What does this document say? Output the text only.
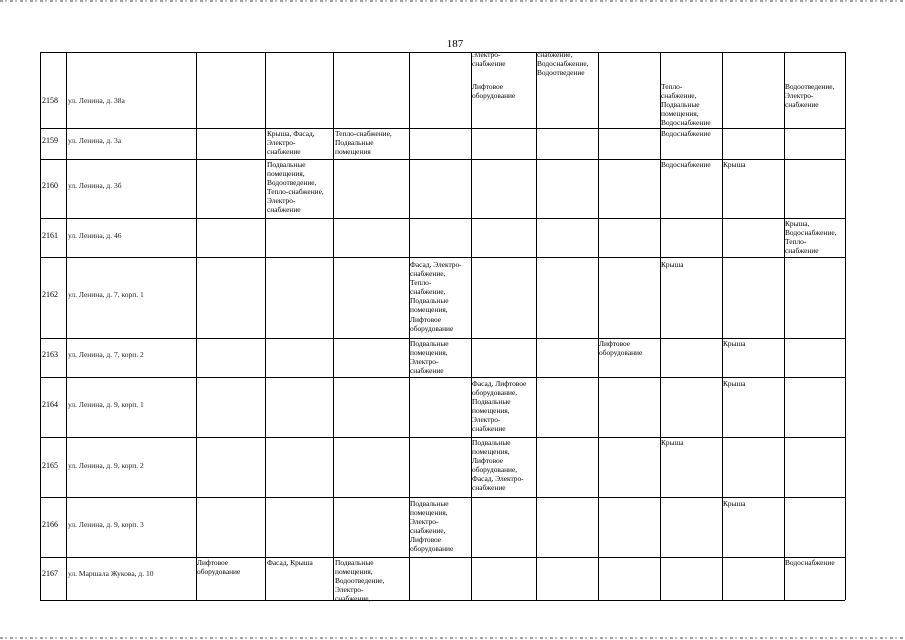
187
Электро-
снабжение
снабжение,
Водоснабжение,
Водоотведение
2158 ул. Ленина, д. 38а
Лифтовое
оборудование
Тепло-
снабжение,
Подвальные
помещения,
Водоснабжение
Водоотведение,
Электро-
снабжение
2159 ул. Ленина, д. 3а
Крыша, Фасад,
Электро-
снабжение
Тепло-снабжение,
Подвальные
помещения
Водоснабжение
2160 ул. Ленина, д. 3б
Подвальные
помещения,
Водоотведение,
Тепло-снабжение,
Электро-
снабжение
Водоснабжение	Крыша
2161 ул. Ленина, д. 46
Крыша,
Водоснабжение,
Тепло-
снабжение
2162 ул. Ленина, д. 7, корп. 1
Фасад, Электро-
снабжение,
Тепло-
снабжение,
Подвальные
помещения,
Лифтовое
оборудование
Крыша
2163 ул. Ленина, д. 7, корп. 2
Подвальные
помещения,
Электро-
снабжение
Лифтовое
оборудование
Крыша
2164 ул. Ленина, д. 9, корп. 1
Фасад, Лифтовое
оборудование,
Подвальные
помещения,
Электро-
снабжение
Крыша
2165 ул. Ленина, д. 9, корп. 2
Подвальные
помещения,
Лифтовое
оборудование,
Фасад, Электро-
снабжение
Крыша
2166 ул. Ленина, д. 9, корп. 3
Подвальные
помещения,
Электро-
снабжение,
Лифтовое
оборудование
Крыша
2167 ул. Маршала Жукова, д. 10
Лифтовое
оборудование
Фасад, Крыша	Подвальные
помещения,
Водоотведение,
Электро-снабжение,
Водоснабжение
